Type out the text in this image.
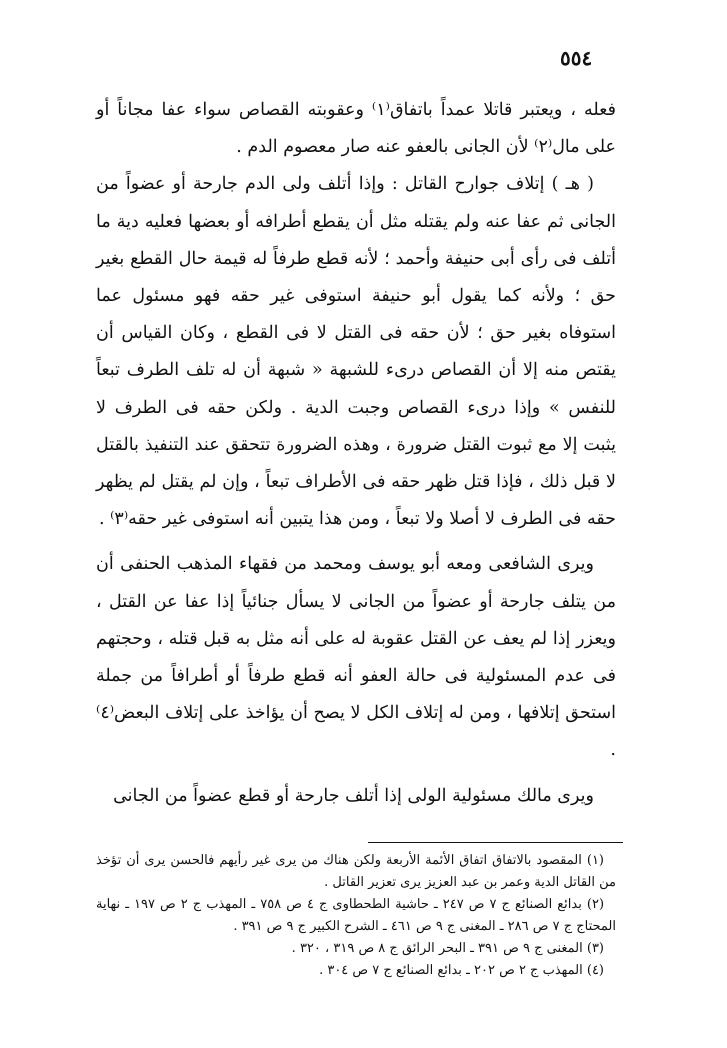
٥٥٤

فعله ، ويعتبر قاتلا عمداً باتفاق⁽١⁾ وعقوبته القصاص سواء عفا مجاناً أو على مال⁽٢⁾ لأن الجانى بالعفو عنه صار معصوم الدم .

( هـ ) إتلاف جوارح القاتل : وإذا أتلف ولى الدم جارحة أو عضواً من الجانى ثم عفا عنه ولم يقتله مثل أن يقطع أطرافه أو بعضها فعليه دية ما أتلف فى رأى أبى حنيفة وأحمد ؛ لأنه قطع طرفاً له قيمة حال القطع بغير حق ؛ ولأنه كما يقول أبو حنيفة استوفى غير حقه فهو مسئول عما استوفاه بغير حق ؛ لأن حقه فى القتل لا فى القطع ، وكان القياس أن يقتص منه إلا أن القصاص درىء للشبهة « شبهة أن له تلف الطرف تبعاً للنفس » وإذا درىء القصاص وجبت الدية . ولكن حقه فى الطرف لا يثبت إلا مع ثبوت القتل ضرورة ، وهذه الضرورة تتحقق عند التنفيذ بالقتل لا قبل ذلك ، فإذا قتل ظهر حقه فى الأطراف تبعاً ، وإن لم يقتل لم يظهر حقه فى الطرف لا أصلا ولا تبعاً ، ومن هذا يتبين أنه استوفى غير حقه⁽٣⁾ .

ويرى الشافعى ومعه أبو يوسف ومحمد من فقهاء المذهب الحنفى أن من يتلف جارحة أو عضواً من الجانى لا يسأل جنائياً إذا عفا عن القتل ، ويعزر إذا لم يعف عن القتل عقوبة له على أنه مثل به قبل قتله ، وحجتهم فى عدم المسئولية فى حالة العفو أنه قطع طرفاً أو أطرافاً من جملة استحق إتلافها ، ومن له إتلاف الكل لا يصح أن يؤاخذ على إتلاف البعض⁽٤⁾ .

ويرى مالك مسئولية الولى إذا أتلف جارحة أو قطع عضواً من الجانى

(١) المقصود بالاتفاق اتفاق الأئمة الأربعة ولكن هناك من يرى غير رأيهم فالحسن يرى أن تؤخذ من القاتل الدية وعمر بن عبد العزيز يرى تعزير القاتل .

(٢) بدائع الصنائع ج ٧ ص ٢٤٧ ـ حاشية الطحطاوى ج ٤ ص ٧٥٨ ـ المهذب ج ٢ ص ١٩٧ ـ نهاية المحتاج ج ٧ ص ٢٨٦ ـ المغنى ج ٩ ص ٤٦١ ـ الشرح الكبير ج ٩ ص ٣٩١ .

(٣) المغنى ج ٩ ص ٣٩١ ـ البحر الرائق ج ٨ ص ٣١٩ ، ٣٢٠ .

(٤) المهذب ج ٢ ص ٢٠٢ ـ بدائع الصنائع ج ٧ ص ٣٠٤ .
